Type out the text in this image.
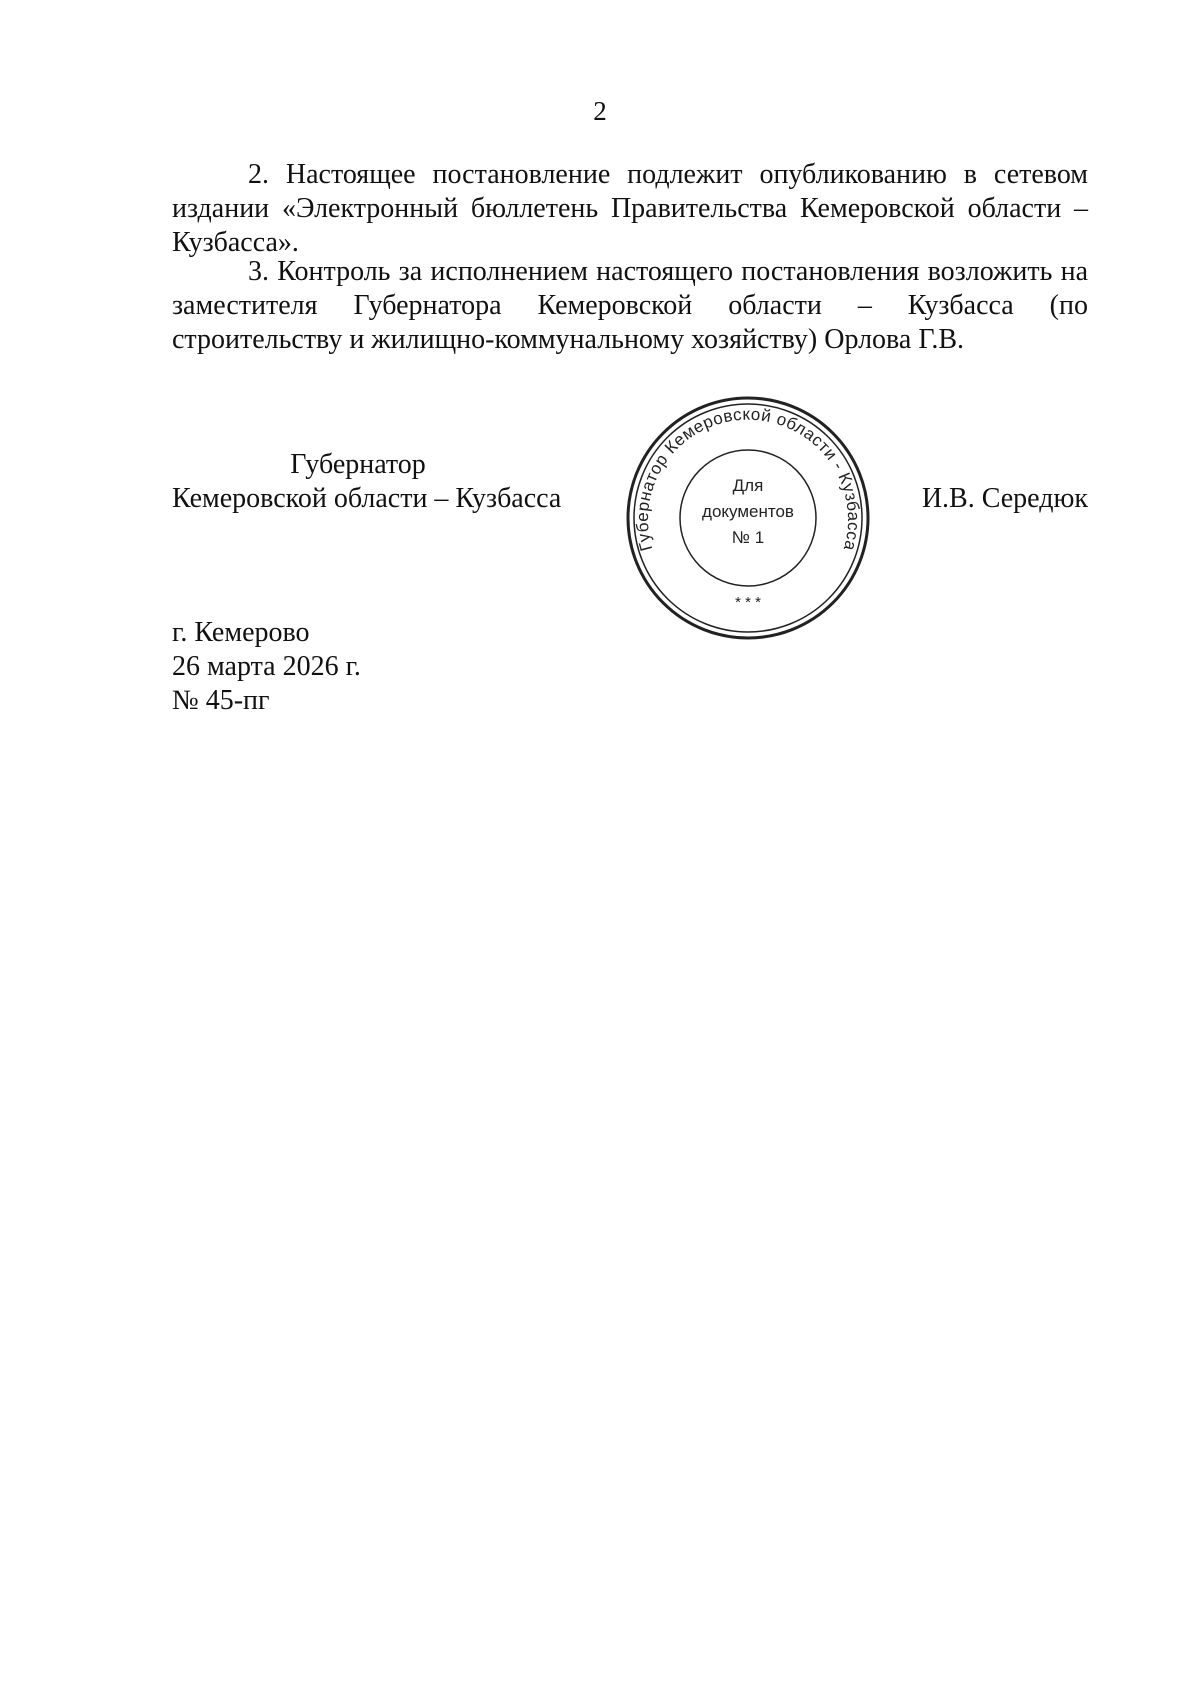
2

2. Настоящее постановление подлежит опубликованию в сетевом издании «Электронный бюллетень Правительства Кемеровской области – Кузбасса».

3. Контроль за исполнением настоящего постановления возложить на заместителя Губернатора Кемеровской области – Кузбасса (по строительству и жилищно-коммунальному хозяйству) Орлова Г.В.

Губернатор
Кемеровской области – Кузбасса
Губернатор Кемеровской области - Кузбасса
Для
документов
№ 1
* * *
И.В. Середюк
г. Кемерово
26 марта 2026 г.
№ 45-пг
